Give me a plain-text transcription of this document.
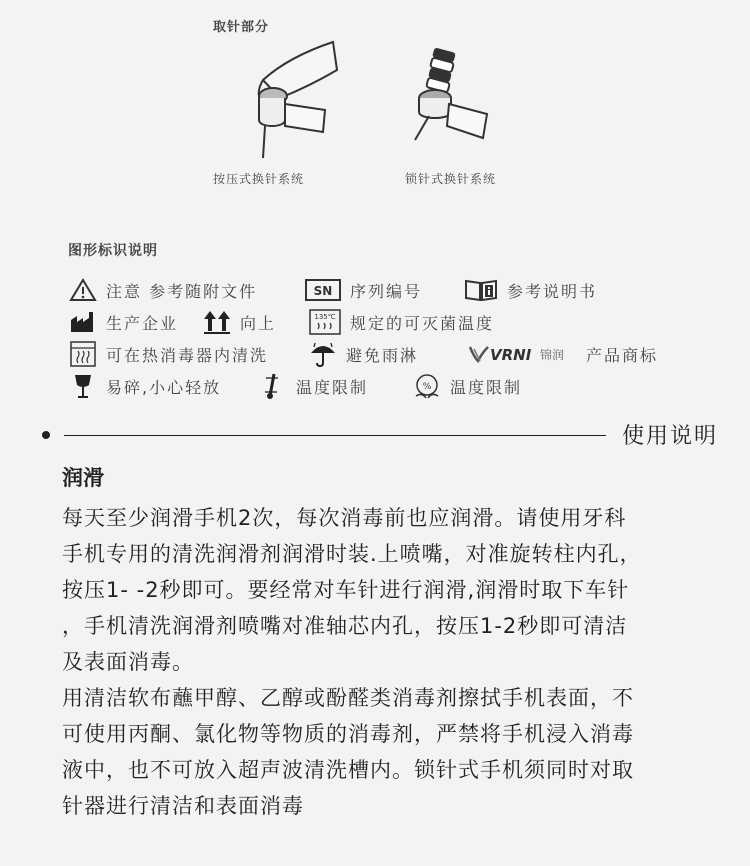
取针部分
按压式换针系统	锁针式换针系统
图形标识说明
注意 参考随附文件	SN 序列编号	参考说明书
生产企业	向上	135℃ 规定的可灭菌温度
可在热消毒器内清洗	避免雨淋	VRNI 锦润 产品商标
易碎,小心轻放	温度限制	% 温度限制
使用说明
润滑
每天至少润滑手机2次，每次消毒前也应润滑。请使用牙科
手机专用的清洗润滑剂润滑时装.上喷嘴，对准旋转柱内孔，
按压1- -2秒即可。要经常对车针进行润滑,润滑时取下车针
，手机清洗润滑剂喷嘴对准轴芯内孔，按压1-2秒即可清洁
及表面消毒。
用清洁软布蘸甲醇、乙醇或酚醛类消毒剂擦拭手机表面，不
可使用丙酮、氯化物等物质的消毒剂，严禁将手机浸入消毒
液中，也不可放入超声波清洗槽内。锁针式手机须同时对取
针器进行清洁和表面消毒
